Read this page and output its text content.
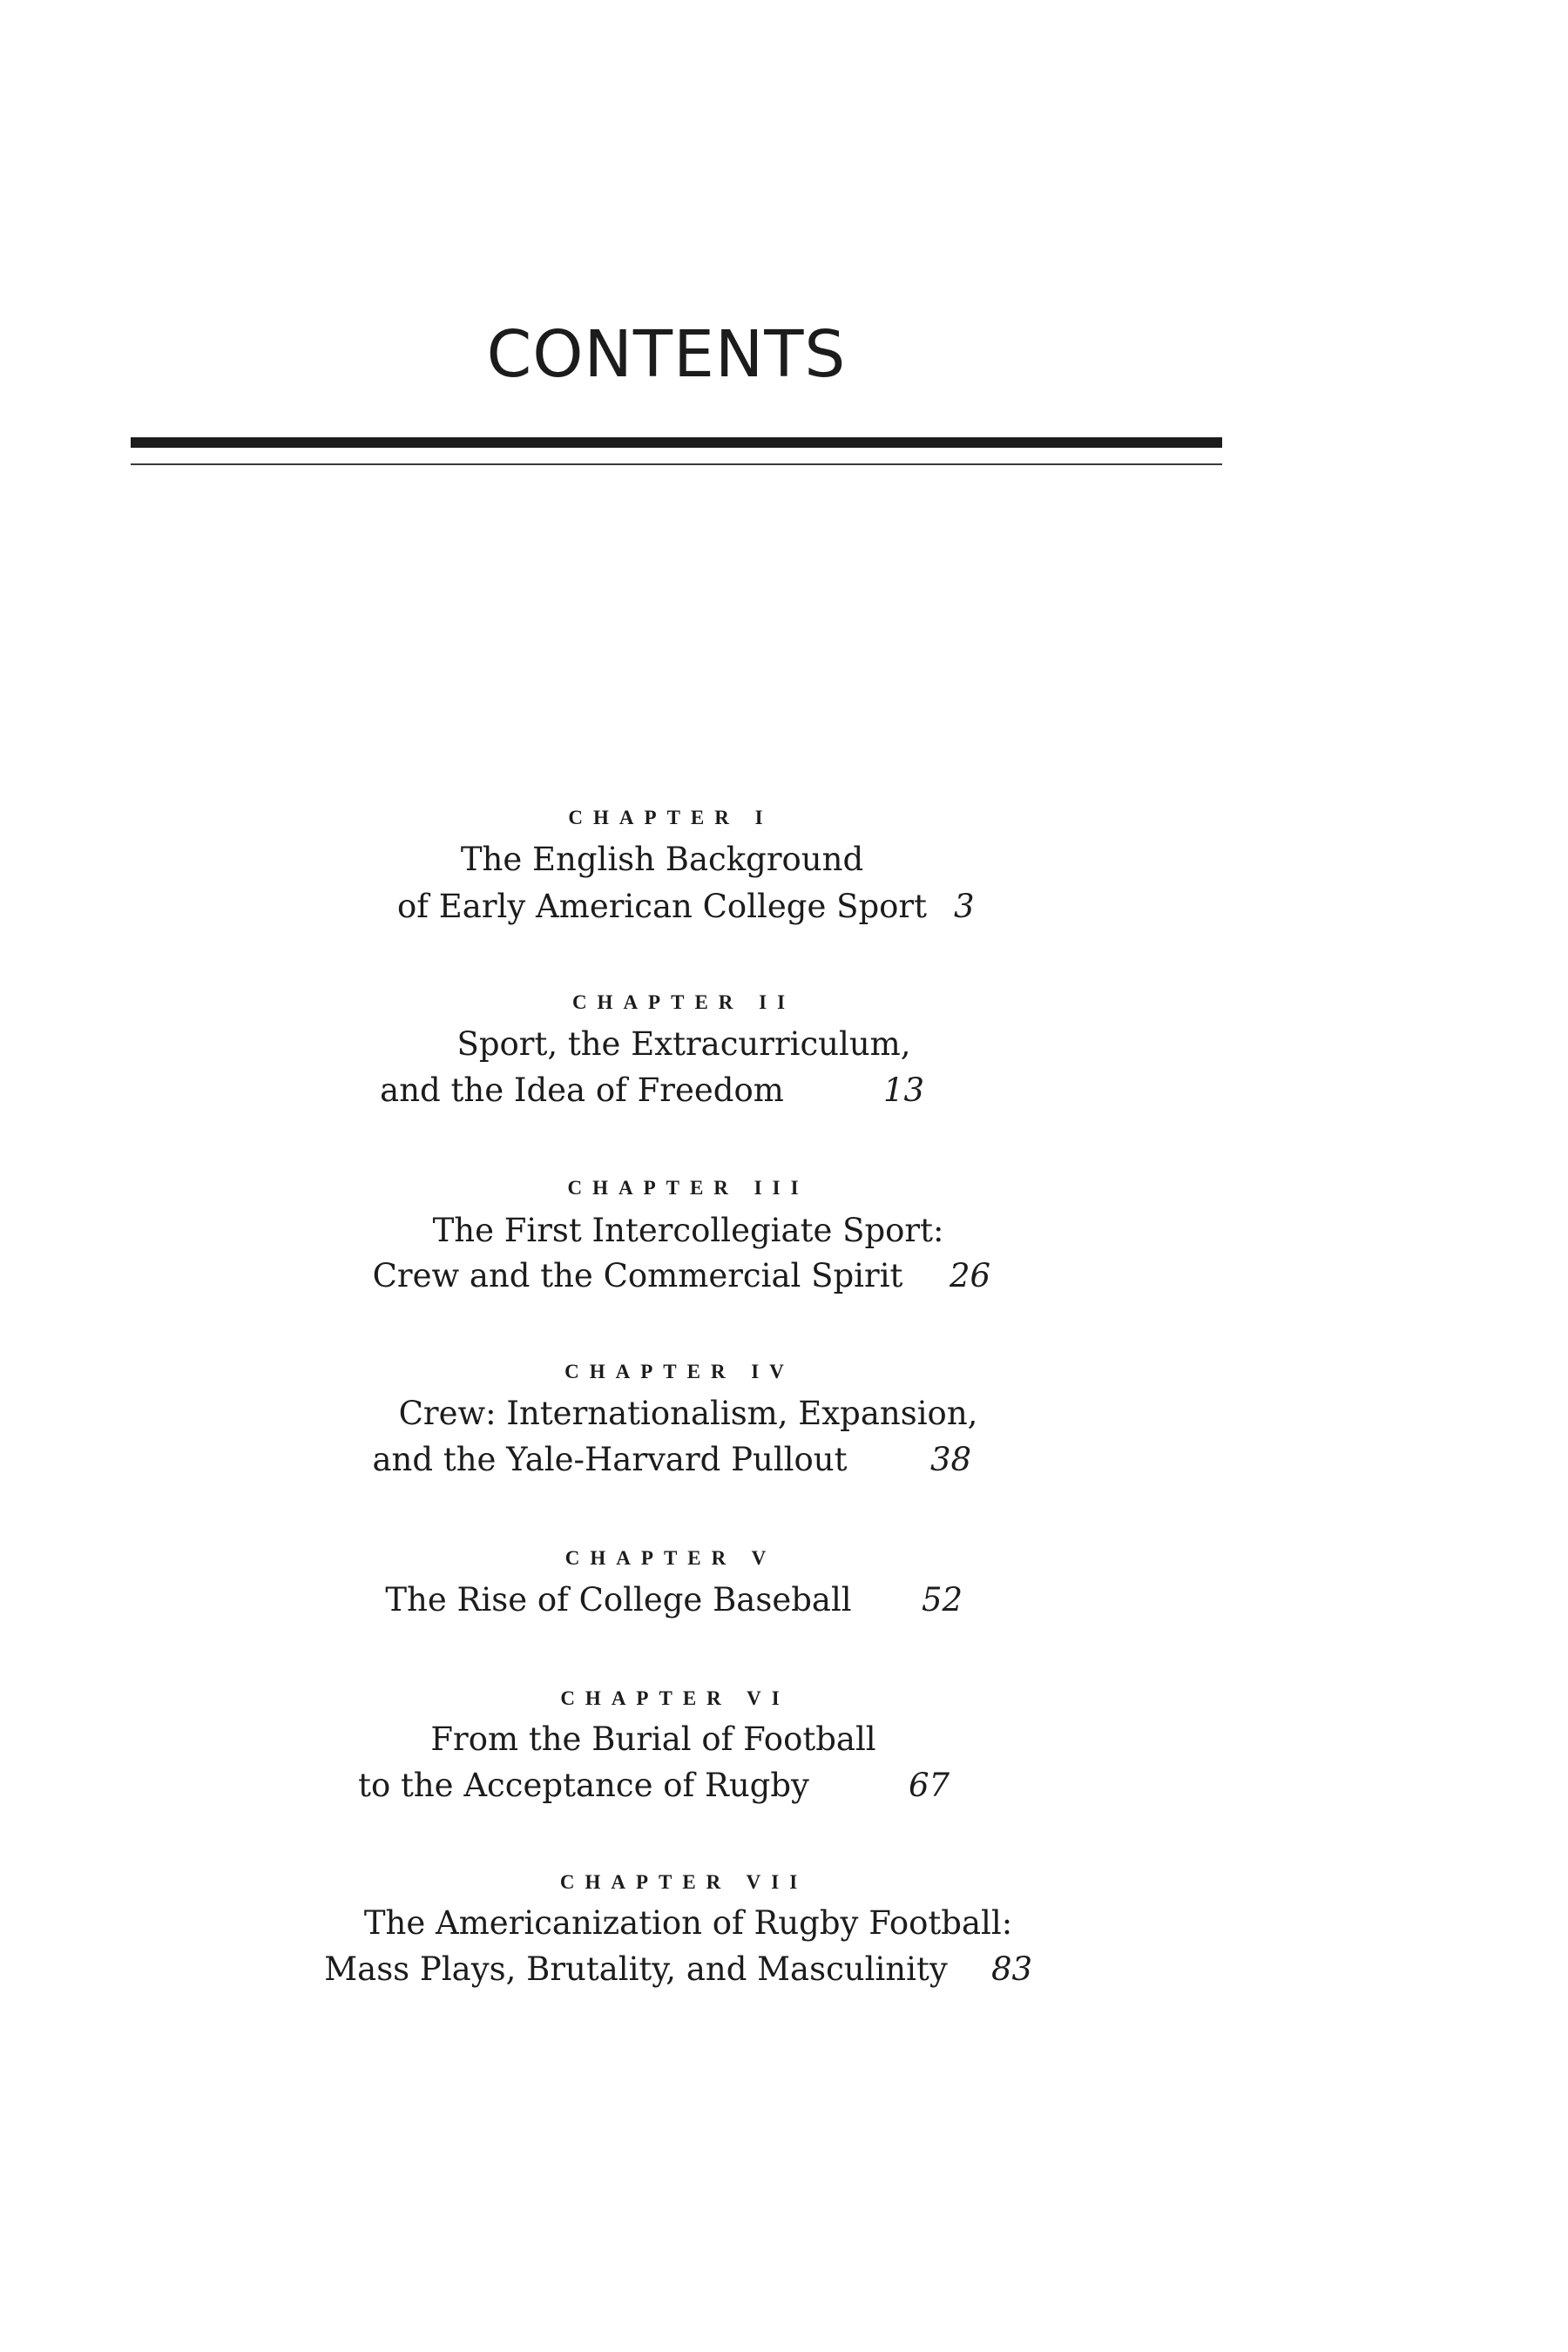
CONTENTS
CHAPTER I
The English Background
of Early American College Sport 3
CHAPTER II
Sport, the Extracurriculum,
and the Idea of Freedom	13
CHAPTER III
The First Intercollegiate Sport:
Crew and the Commercial Spirit	26
CHAPTER IV
Crew: Internationalism, Expansion,
and the Yale-Harvard Pullout	38
CHAPTER V
The Rise of College Baseball	52
CHAPTER VI
From the Burial of Football
to the Acceptance of Rugby	67
CHAPTER VII
The Americanization of Rugby Football:
Mass Plays, Brutality, and Masculinity	83
